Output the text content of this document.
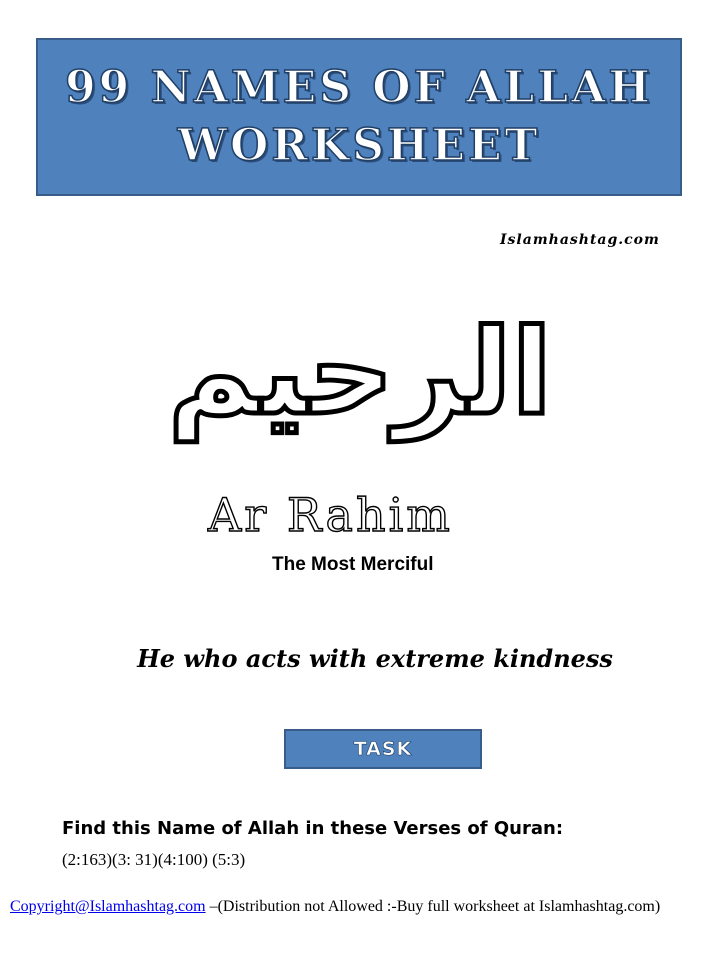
99 NAMES OF ALLAH
WORKSHEET
Islamhashtag.com
الرحيم
Ar Rahim
The Most Merciful
He who acts with extreme kindness
TASK
Find this Name of Allah in these Verses of Quran:
(2:163)(3: 31)(4:100) (5:3)
Copyright@Islamhashtag.com –(Distribution not Allowed :-Buy full worksheet at Islamhashtag.com)
